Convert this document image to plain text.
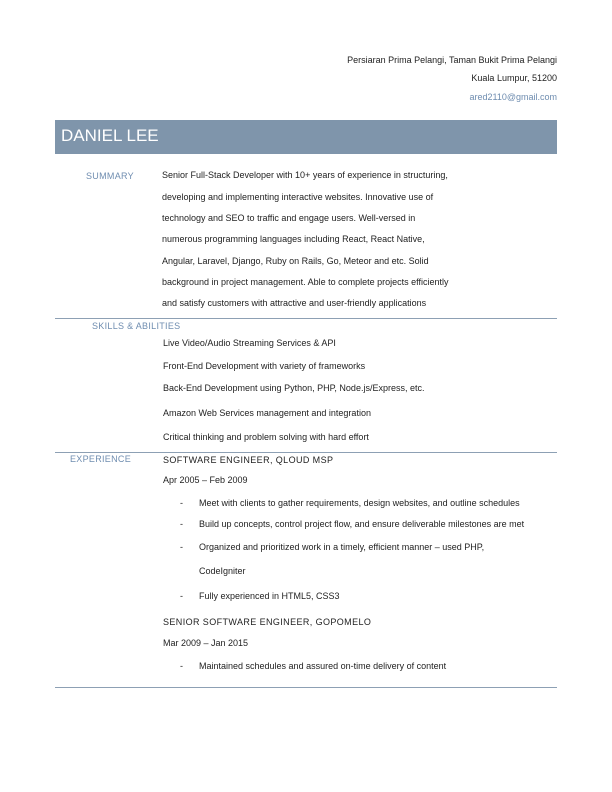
Persiaran Prima Pelangi, Taman Bukit Prima Pelangi
Kuala Lumpur, 51200
ared2110@gmail.com
DANIEL LEE
SUMMARY	Senior Full-Stack Developer with 10+ years of experience in structuring,
developing and implementing interactive websites. Innovative use of
technology and SEO to traffic and engage users. Well-versed in
numerous programming languages including React, React Native,
Angular, Laravel, Django, Ruby on Rails, Go, Meteor and etc. Solid
background in project management. Able to complete projects efficiently
and satisfy customers with attractive and user-friendly applications
SKILLS & ABILITIES
Live Video/Audio Streaming Services & API
Front-End Development with variety of frameworks
Back-End Development using Python, PHP, Node.js/Express, etc.
Amazon Web Services management and integration
Critical thinking and problem solving with hard effort
EXPERIENCE	SOFTWARE ENGINEER, QLOUD MSP
Apr 2005 – Feb 2009
- Meet with clients to gather requirements, design websites, and outline schedules
- Build up concepts, control project flow, and ensure deliverable milestones are met
- Organized and prioritized work in a timely, efficient manner – used PHP,
CodeIgniter
- Fully experienced in HTML5, CSS3
SENIOR SOFTWARE ENGINEER, GOPOMELO
Mar 2009 – Jan 2015
- Maintained schedules and assured on-time delivery of content
